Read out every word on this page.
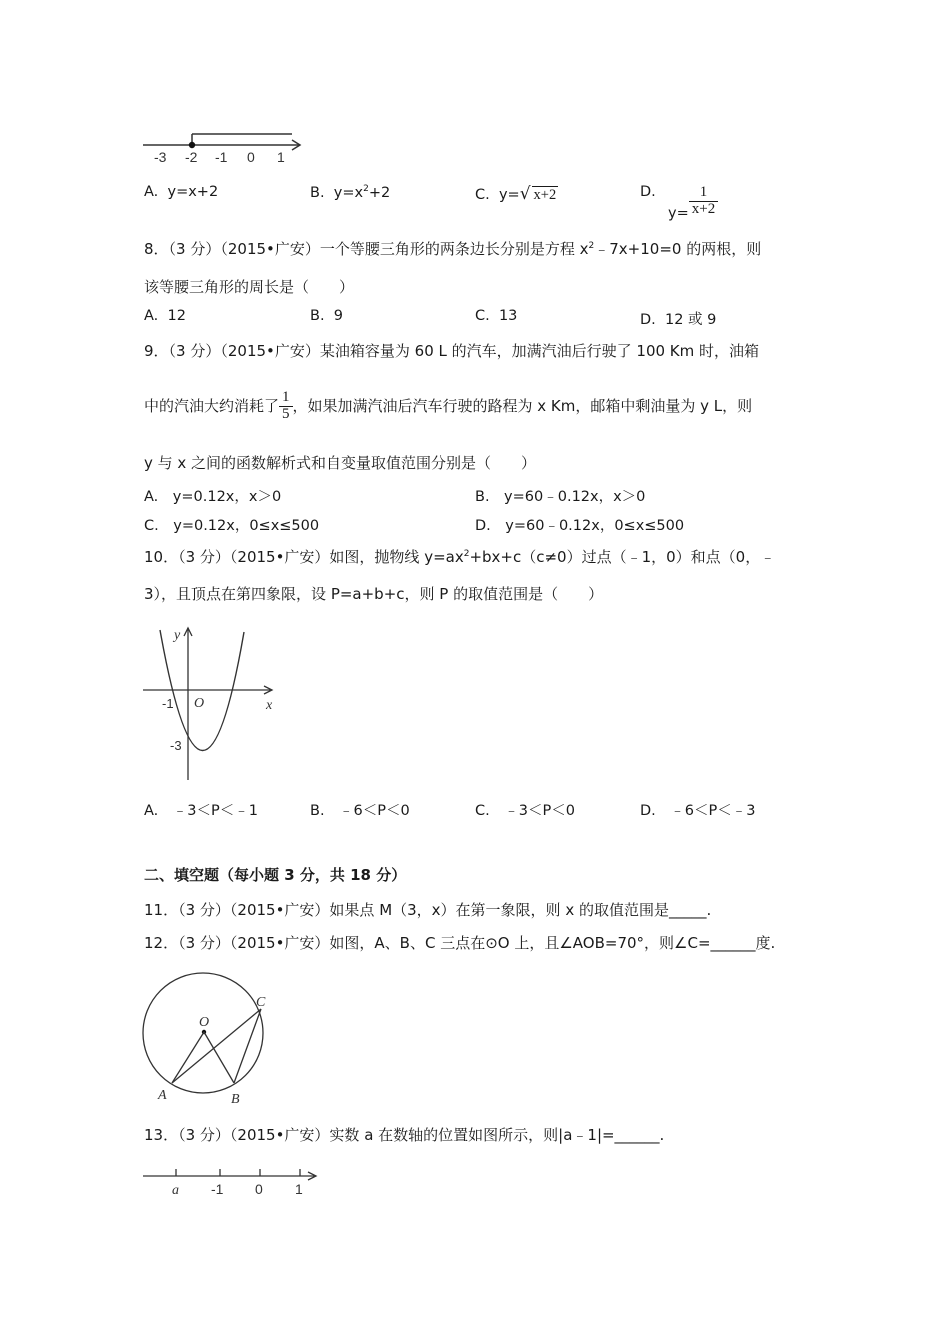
-3 -2 -1 0 1
A. y=x+2	B. $y=x^2+2$	C. y=√ x+2	D.
$y= \frac{1}{x+2}$
8．（3 分）（2015•广安）一个等腰三角形的两条边长分别是方程 $x^2﹣7x+10=0$ 的两根，则
该等腰三角形的周长是（　　）
A. 12	B. 9	C. 13	D. 12 或 9
9．（3 分）（2015•广安）某油箱容量为 60 L 的汽车，加满汽油后行驶了 100 Km 时，油箱
中的汽油大约消耗了 $\frac{1}{5}$ ，如果加满汽油后汽车行驶的路程为 x Km，邮箱中剩油量为 y L，则
y 与 x 之间的函数解析式和自变量取值范围分别是（　　）
A.　y=0.12x，x＞0	B.　y=60﹣0.12x，x＞0
C.　y=0.12x，0≤x≤500	D.　y=60﹣0.12x，0≤x≤500
10．（3 分）（2015•广安）如图，抛物线 $y=ax^2+bx+c(c\ne 0)$过点（﹣1，0）和点（0，﹣
3），且顶点在第四象限，设 P=a+b+c，则 P 的取值范围是（　　）
y
x
O
-1
-3
A.　﹣3＜P＜﹣1	B.　﹣6＜P＜0	C.　﹣3＜P＜0	D.　﹣6＜P＜﹣3
二、填空题（每小题 3 分，共 18 分）
11．（3 分）（2015•广安）如果点 M（3，x）在第一象限，则 x 的取值范围是_____.
12．（3 分）（2015•广安）如图，A、B、C 三点在⊙O 上，且∠AOB=70°，则∠C=______度.
O
A	B
C
13．（3 分）（2015•广安）实数 a 在数轴的位置如图所示，则|a﹣1|=______.
a -1 0 1
